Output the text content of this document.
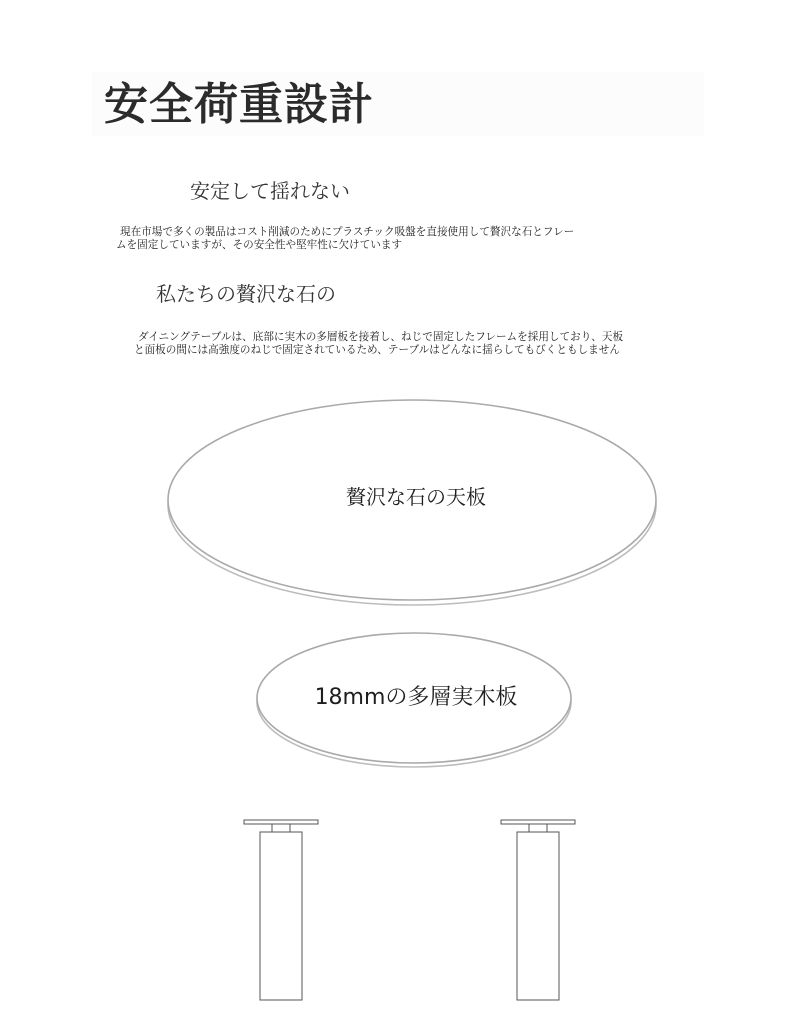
安全荷重設計
安定して揺れない
現在市場で多くの製品はコスト削減のためにプラスチック吸盤を直接使用して贅沢な石とフレー
ムを固定していますが、その安全性や堅牢性に欠けています
私たちの贅沢な石の
ダイニングテーブルは、底部に実木の多層板を接着し、ねじで固定したフレームを採用しており、天板
と面板の間には高強度のねじで固定されているため、テーブルはどんなに揺らしてもびくともしません
贅沢な石の天板
18mmの多層実木板
